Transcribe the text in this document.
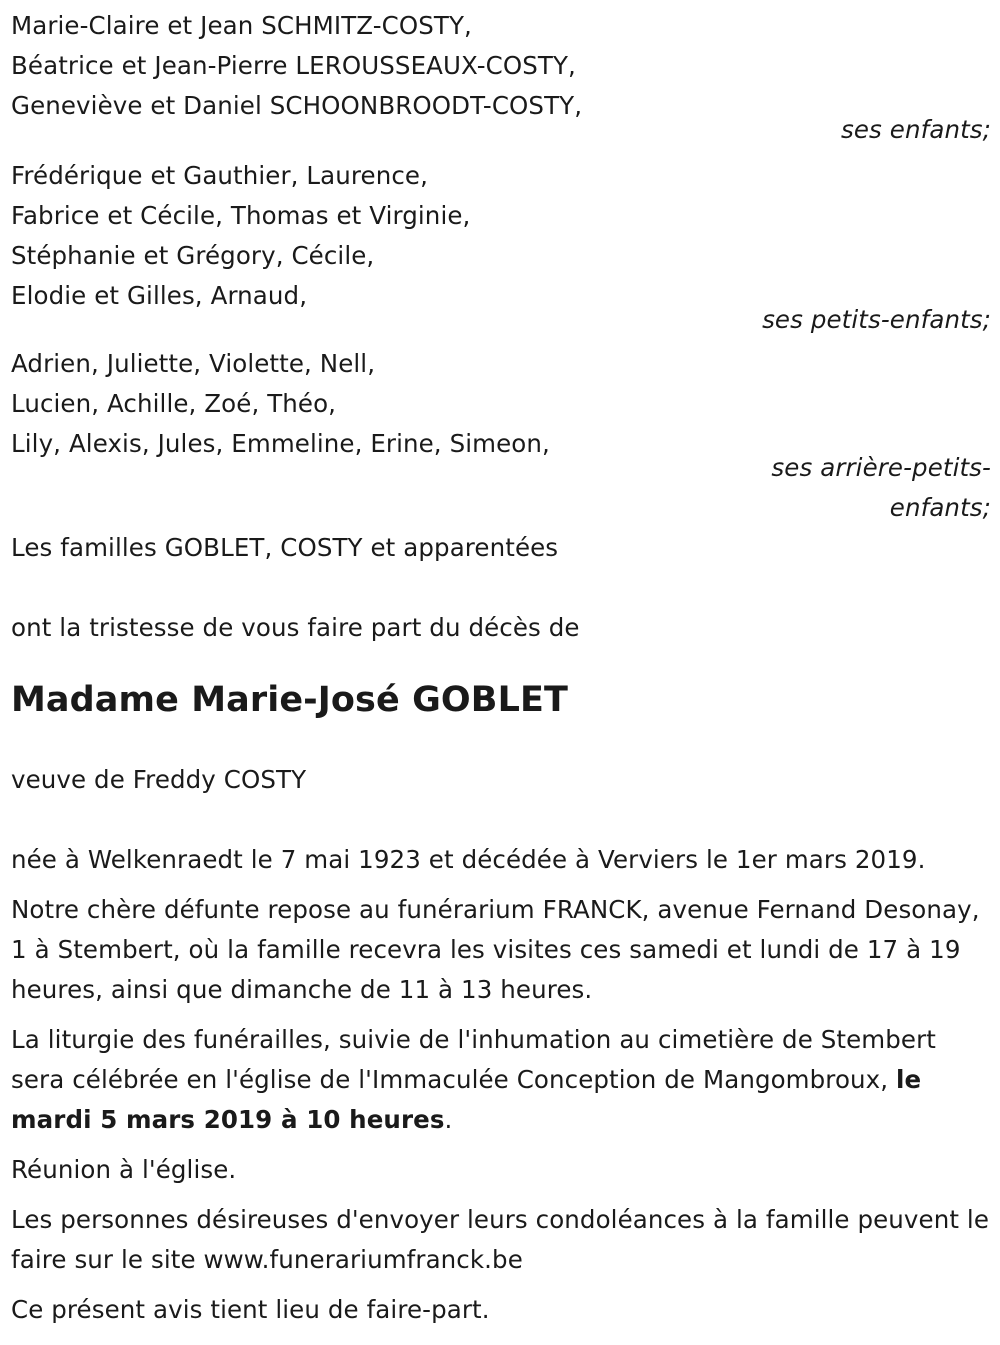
Marie-Claire et Jean SCHMITZ-COSTY,
Béatrice et Jean-Pierre LEROUSSEAUX-COSTY,
Geneviève et Daniel SCHOONBROODT-COSTY,
ses enfants;
Frédérique et Gauthier, Laurence,
Fabrice et Cécile, Thomas et Virginie,
Stéphanie et Grégory, Cécile,
Elodie et Gilles, Arnaud,
ses petits-enfants;
Adrien, Juliette, Violette, Nell,
Lucien, Achille, Zoé, Théo,
Lily, Alexis, Jules, Emmeline, Erine, Simeon,
ses arrière-petits-
enfants;
Les familles GOBLET, COSTY et apparentées
ont la tristesse de vous faire part du décès de
Madame Marie-José GOBLET
veuve de Freddy COSTY
née à Welkenraedt le 7 mai 1923 et décédée à Verviers le 1er mars 2019.
Notre chère défunte repose au funérarium FRANCK, avenue Fernand Desonay, 1 à Stembert, où la famille recevra les visites ces samedi et lundi de 17 à 19 heures, ainsi que dimanche de 11 à 13 heures.
La liturgie des funérailles, suivie de l'inhumation au cimetière de Stembert sera célébrée en l'église de l'Immaculée Conception de Mangombroux, le mardi 5 mars 2019 à 10 heures.
Réunion à l'église.
Les personnes désireuses d'envoyer leurs condoléances à la famille peuvent le faire sur le site www.funerariumfranck.be
Ce présent avis tient lieu de faire-part.
